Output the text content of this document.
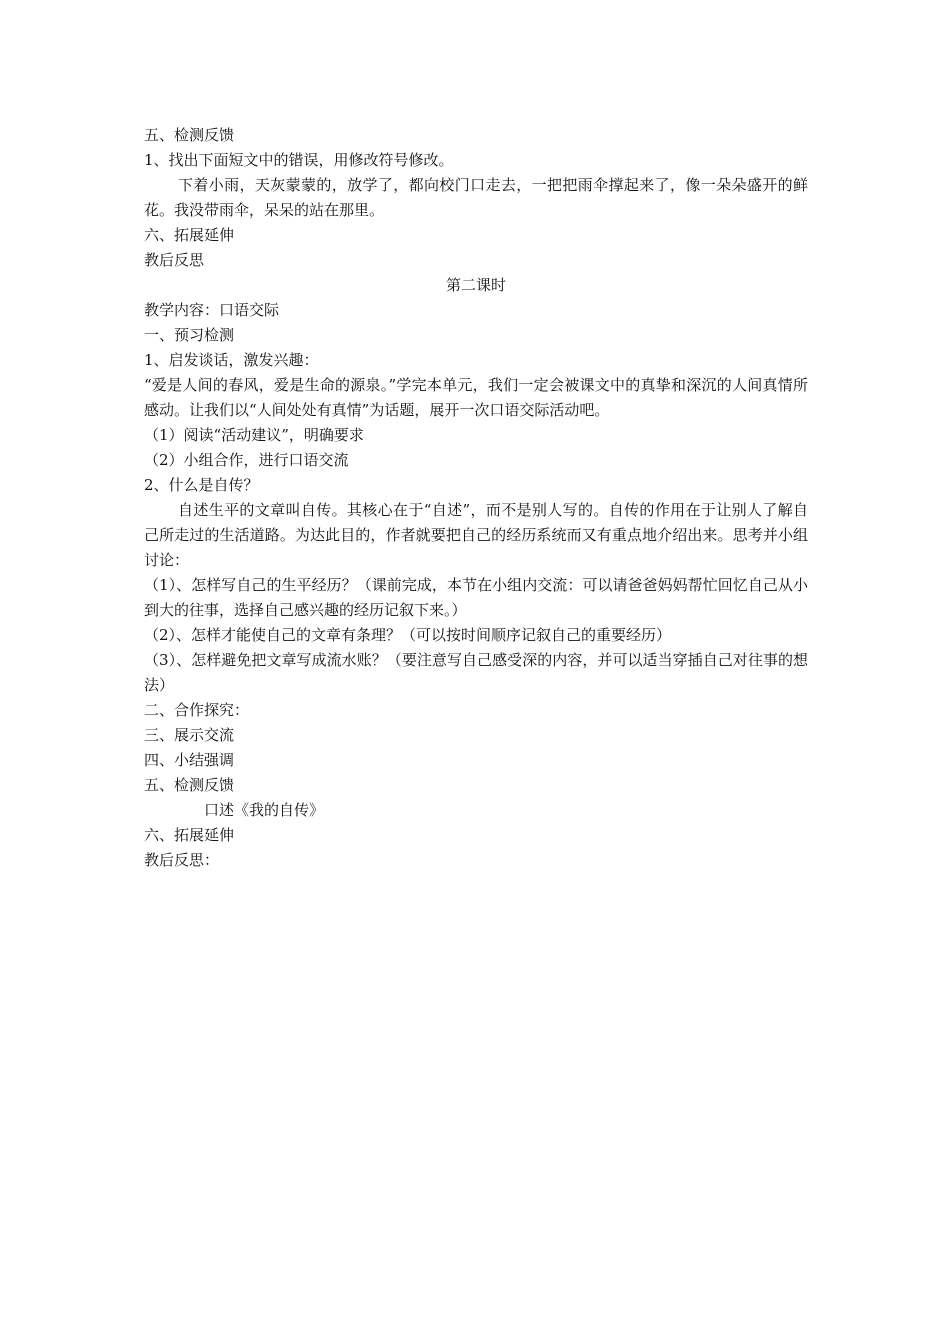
五、检测反馈
1、找出下面短文中的错误，用修改符号修改。
下着小雨，天灰蒙蒙的，放学了，都向校门口走去，一把把雨伞撑起来了，像一朵朵盛开的鲜花。我没带雨伞，呆呆的站在那里。
六、拓展延伸
教后反思
第二课时
教学内容：口语交际
一、预习检测
1、启发谈话，激发兴趣：
“爱是人间的春风，爱是生命的源泉。”学完本单元，我们一定会被课文中的真挚和深沉的人间真情所感动。让我们以“人间处处有真情”为话题，展开一次口语交际活动吧。
（1）阅读“活动建议”，明确要求
（2）小组合作，进行口语交流
2、什么是自传？
自述生平的文章叫自传。其核心在于“自述”，而不是别人写的。自传的作用在于让别人了解自己所走过的生活道路。为达此目的，作者就要把自己的经历系统而又有重点地介绍出来。思考并小组讨论：
（1）、怎样写自己的生平经历？（课前完成，本节在小组内交流：可以请爸爸妈妈帮忙回忆自己从小到大的往事，选择自己感兴趣的经历记叙下来。）
（2）、怎样才能使自己的文章有条理？（可以按时间顺序记叙自己的重要经历）
（3）、怎样避免把文章写成流水账？（要注意写自己感受深的内容，并可以适当穿插自己对往事的想法）
二、合作探究：
三、展示交流
四、小结强调
五、检测反馈
口述《我的自传》
六、拓展延伸
教后反思：
